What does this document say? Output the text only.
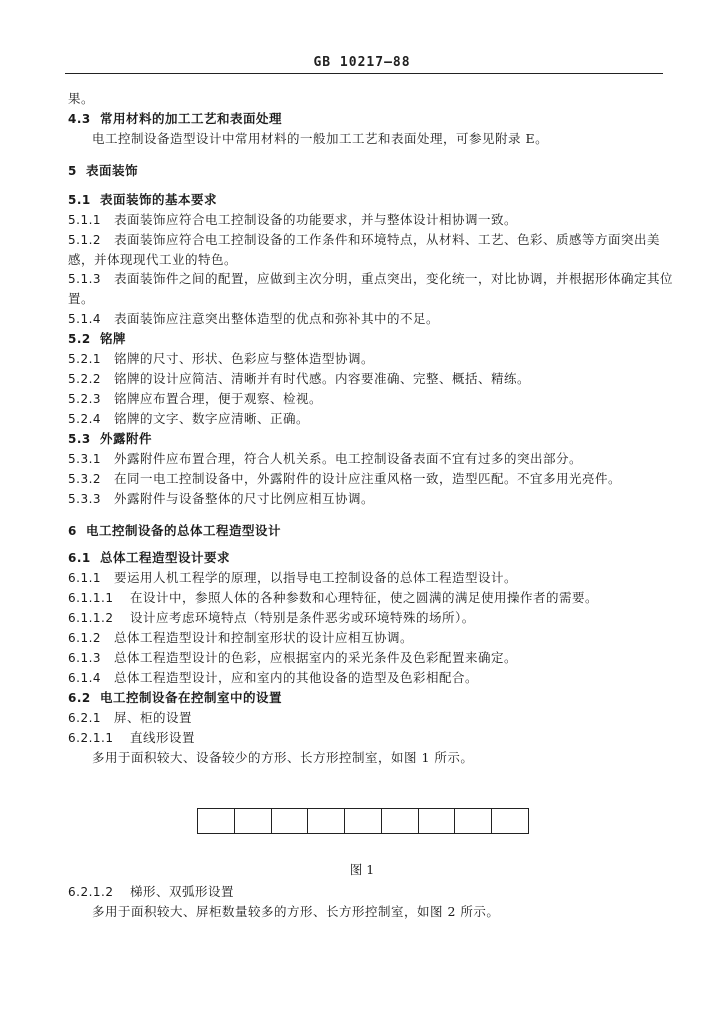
GB 10217—88
果。
4.3 常用材料的加工工艺和表面处理
电工控制设备造型设计中常用材料的一般加工工艺和表面处理，可参见附录 E。
5 表面装饰
5.1 表面装饰的基本要求
5.1.1 表面装饰应符合电工控制设备的功能要求，并与整体设计相协调一致。
5.1.2 表面装饰应符合电工控制设备的工作条件和环境特点，从材料、工艺、色彩、质感等方面突出美
感，并体现现代工业的特色。
5.1.3 表面装饰件之间的配置，应做到主次分明，重点突出，变化统一，对比协调，并根据形体确定其位
置。
5.1.4 表面装饰应注意突出整体造型的优点和弥补其中的不足。
5.2 铭牌
5.2.1 铭牌的尺寸、形状、色彩应与整体造型协调。
5.2.2 铭牌的设计应简洁、清晰并有时代感。内容要准确、完整、概括、精练。
5.2.3 铭牌应布置合理，便于观察、检视。
5.2.4 铭牌的文字、数字应清晰、正确。
5.3 外露附件
5.3.1 外露附件应布置合理，符合人机关系。电工控制设备表面不宜有过多的突出部分。
5.3.2 在同一电工控制设备中，外露附件的设计应注重风格一致，造型匹配。不宜多用光亮件。
5.3.3 外露附件与设备整体的尺寸比例应相互协调。
6 电工控制设备的总体工程造型设计
6.1 总体工程造型设计要求
6.1.1 要运用人机工程学的原理，以指导电工控制设备的总体工程造型设计。
6.1.1.1 在设计中，参照人体的各种参数和心理特征，使之圆满的满足使用操作者的需要。
6.1.1.2 设计应考虑环境特点（特别是条件恶劣或环境特殊的场所）。
6.1.2 总体工程造型设计和控制室形状的设计应相互协调。
6.1.3 总体工程造型设计的色彩，应根据室内的采光条件及色彩配置来确定。
6.1.4 总体工程造型设计，应和室内的其他设备的造型及色彩相配合。
6.2 电工控制设备在控制室中的设置
6.2.1 屏、柜的设置
6.2.1.1 直线形设置
多用于面积较大、设备较少的方形、长方形控制室，如图 1 所示。
图 1
6.2.1.2 梯形、双弧形设置
多用于面积较大、屏柜数量较多的方形、长方形控制室，如图 2 所示。
